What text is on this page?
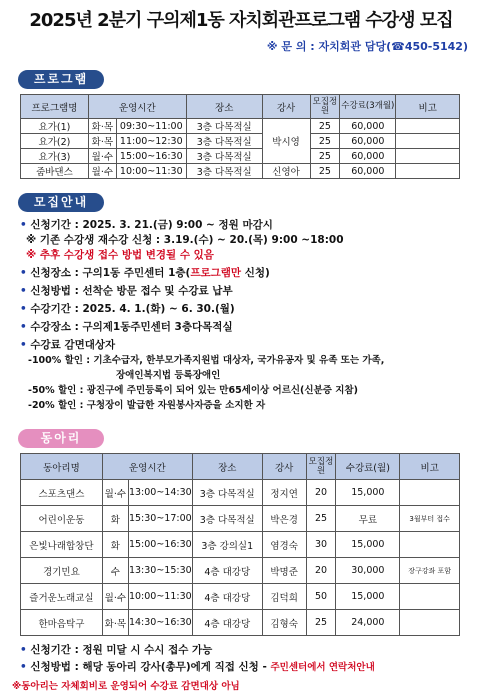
2025년 2분기 구의제1동 자치회관프로그램 수강생 모집
※ 문 의 : 자치회관 담당(☎450-5142)
프로그램
프로그램명	운영시간		장소	강사	모집정원	수강료(3개월)	비고
요가(1)	화·목	09:30~11:00	3층 다목적실	박시영	25	60,000	
요가(2)	화·목	11:00~12:30	3층 다목적실		25	60,000	
요가(3)	월·수	15:00~16:30	3층 다목적실		25	60,000	
줌바댄스	월·수	10:00~11:30	3층 다목적실	신영아	25	60,000	
모집안내
• 신청기간 : 2025. 3. 21.(금) 9:00 ~ 정원 마감시
※ 기존 수강생 재수강 신청 : 3.19.(수) ~ 20.(목) 9:00 ~18:00
※ 추후 수강생 접수 방법 변경될 수 있음
• 신청장소 : 구의1동 주민센터 1층(프로그램만 신청)
• 신청방법 : 선착순 방문 접수 및 수강료 납부
• 수강기간 : 2025. 4. 1.(화) ~ 6. 30.(월)
• 수강장소 : 구의제1동주민센터 3층다목적실
• 수강료 감면대상자
-100% 할인 : 기초수급자, 한부모가족지원법 대상자, 국가유공자 및 유족 또는 가족,
장애인복지법 등록장애인
-50% 할인 : 광진구에 주민등록이 되어 있는 만65세이상 어르신(신분증 지참)
-20% 할인 : 구청장이 발급한 자원봉사자증을 소지한 자
동아리
동아리명	운영시간		장소	강사	모집정원	수강료(월)	비고
스포츠댄스	월·수	13:00~14:30	3층 다목적실	정지연	20	15,000	
어린이운동	화	15:30~17:00	3층 다목적실	박은경	25	무료	3월부터 접수
은빛나래합창단	화	15:00~16:30	3층 강의실1	염경숙	30	15,000	
경기민요	수	13:30~15:30	4층 대강당	박명준	20	30,000	장구강좌 포함
즐거운노래교실	월·수	10:00~11:30	4층 대강당	김덕희	50	15,000	
한마음탁구	화·목	14:30~16:30	4층 대강당	김형숙	25	24,000	
• 신청기간 : 정원 미달 시 수시 접수 가능
• 신청방법 : 해당 동아리 강사(총무)에게 직접 신청 - 주민센터에서 연락처안내
※동아리는 자체회비로 운영되어 수강료 감면대상 아님
